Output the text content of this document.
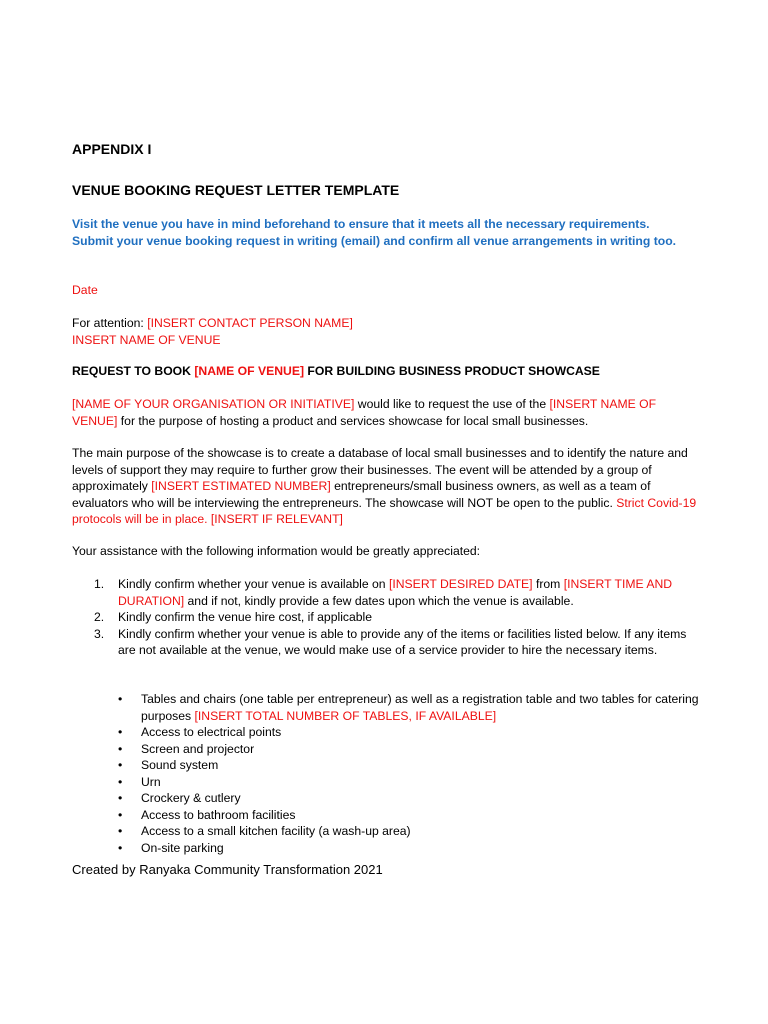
APPENDIX I

VENUE BOOKING REQUEST LETTER TEMPLATE

Visit the venue you have in mind beforehand to ensure that it meets all the necessary requirements.
Submit your venue booking request in writing (email) and confirm all venue arrangements in writing too.
Date
For attention: [INSERT CONTACT PERSON NAME]
INSERT NAME OF VENUE
REQUEST TO BOOK [NAME OF VENUE] FOR BUILDING BUSINESS PRODUCT SHOWCASE
[NAME OF YOUR ORGANISATION OR INITIATIVE] would like to request the use of the [INSERT NAME OF VENUE] for the purpose of hosting a product and services showcase for local small businesses.
The main purpose of the showcase is to create a database of local small businesses and to identify the nature and levels of support they may require to further grow their businesses. The event will be attended by a group of approximately [INSERT ESTIMATED NUMBER] entrepreneurs/small business owners, as well as a team of evaluators who will be interviewing the entrepreneurs. The showcase will NOT be open to the public. Strict Covid-19 protocols will be in place. [INSERT IF RELEVANT]
Your assistance with the following information would be greatly appreciated:
1. Kindly confirm whether your venue is available on [INSERT DESIRED DATE] from [INSERT TIME AND DURATION] and if not, kindly provide a few dates upon which the venue is available.
2. Kindly confirm the venue hire cost, if applicable
3. Kindly confirm whether your venue is able to provide any of the items or facilities listed below. If any items are not available at the venue, we would make use of a service provider to hire the necessary items.
• Tables and chairs (one table per entrepreneur) as well as a registration table and two tables for catering purposes [INSERT TOTAL NUMBER OF TABLES, IF AVAILABLE]
• Access to electrical points
• Screen and projector
• Sound system
• Urn
• Crockery & cutlery
• Access to bathroom facilities
• Access to a small kitchen facility (a wash-up area)
• On-site parking
Created by Ranyaka Community Transformation 2021
